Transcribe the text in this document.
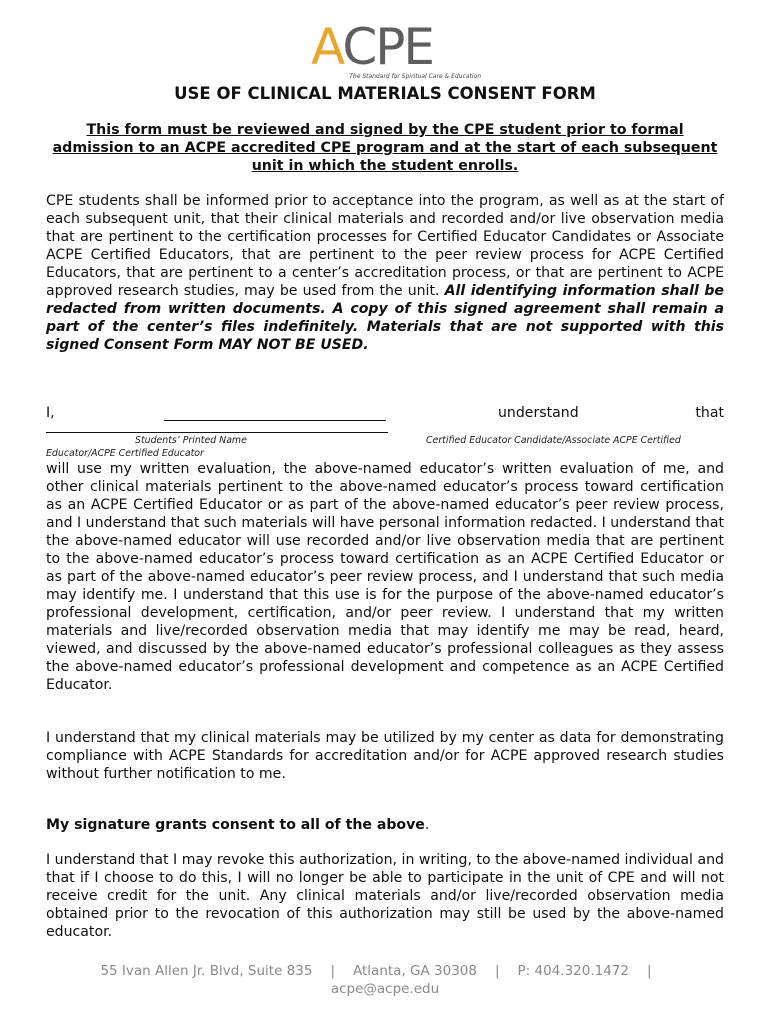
ACPE
The Standard for Spiritual Care & Education
USE OF CLINICAL MATERIALS CONSENT FORM
This form must be reviewed and signed by the CPE student prior to formal admission to an ACPE accredited CPE program and at the start of each subsequent unit in which the student enrolls.

CPE students shall be informed prior to acceptance into the program, as well as at the start of each subsequent unit, that their clinical materials and recorded and/or live observation media that are pertinent to the certification processes for Certified Educator Candidates or Associate ACPE Certified Educators, that are pertinent to the peer review process for ACPE Certified Educators, that are pertinent to a center’s accreditation process, or that are pertinent to ACPE approved research studies, may be used from the unit. All identifying information shall be redacted from written documents. A copy of this signed agreement shall remain a part of the center’s files indefinitely. Materials that are not supported with this signed Consent Form MAY NOT BE USED.

I,	understand	that
Students’ Printed Name	Certified Educator Candidate/Associate ACPE Certified
Educator/ACPE Certified Educator

will use my written evaluation, the above-named educator’s written evaluation of me, and other clinical materials pertinent to the above-named educator’s process toward certification as an ACPE Certified Educator or as part of the above-named educator’s peer review process, and I understand that such materials will have personal information redacted. I understand that the above-named educator will use recorded and/or live observation media that are pertinent to the above-named educator’s process toward certification as an ACPE Certified Educator or as part of the above-named educator’s peer review process, and I understand that such media may identify me. I understand that this use is for the purpose of the above-named educator’s professional development, certification, and/or peer review. I understand that my written materials and live/recorded observation media that may identify me may be read, heard, viewed, and discussed by the above-named educator’s professional colleagues as they assess the above-named educator’s professional development and competence as an ACPE Certified Educator.

I understand that my clinical materials may be utilized by my center as data for demonstrating compliance with ACPE Standards for accreditation and/or for ACPE approved research studies without further notification to me.

My signature grants consent to all of the above.

I understand that I may revoke this authorization, in writing, to the above-named individual and that if I choose to do this, I will no longer be able to participate in the unit of CPE and will not receive credit for the unit. Any clinical materials and/or live/recorded observation media obtained prior to the revocation of this authorization may still be used by the above-named educator.

55 Ivan Allen Jr. Blvd, Suite 835 | Atlanta, GA 30308 | P: 404.320.1472 |
acpe@acpe.edu
